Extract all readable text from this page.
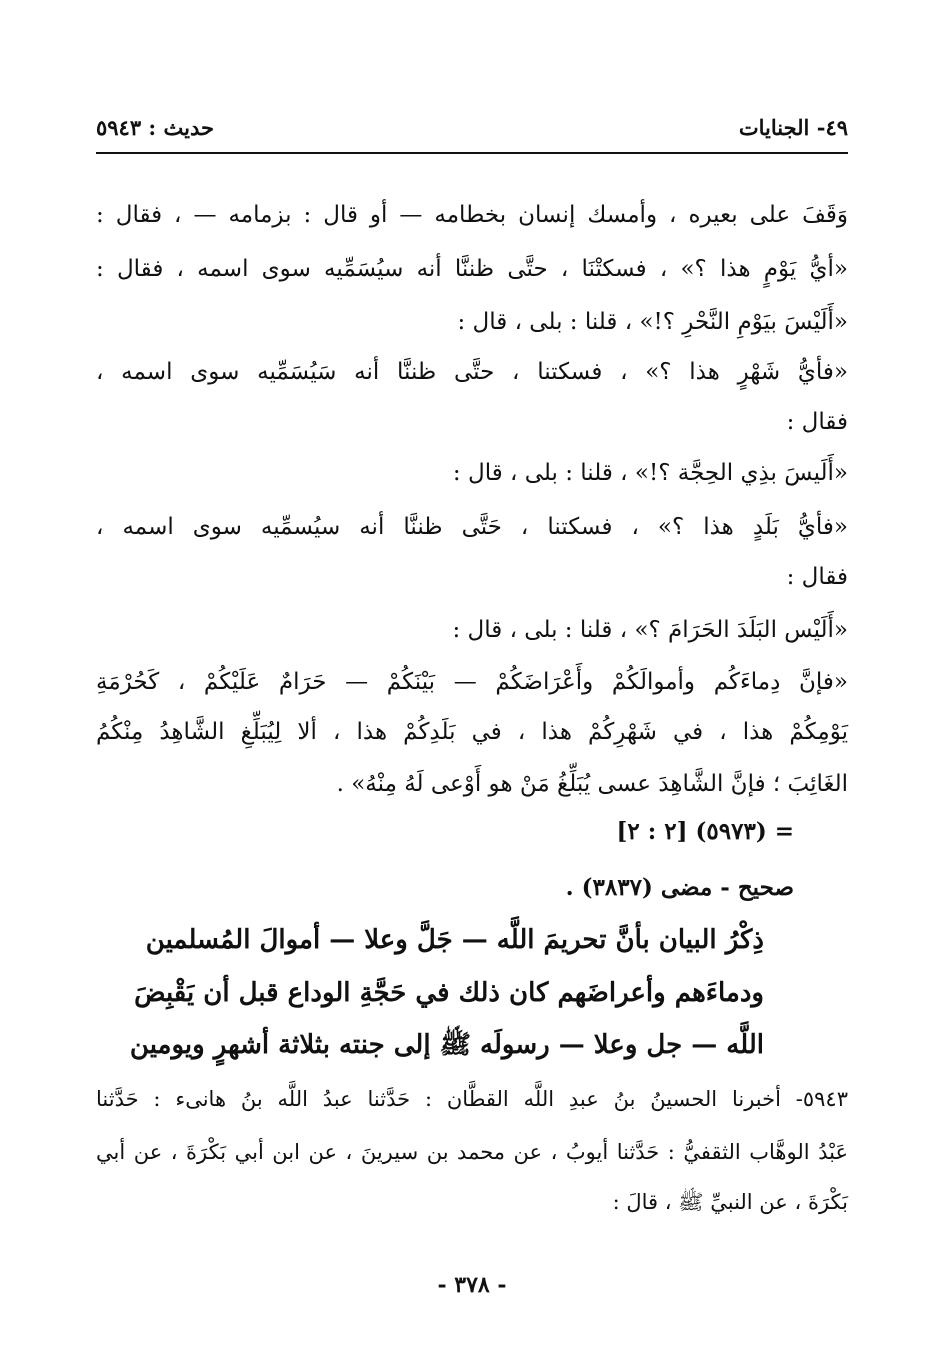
٤٩- الجنايات
حديث : ٥٩٤٣
وَقَفَ على بعيره ، وأمسك إنسان بخطامه — أو قال : بزمامه — ، فقال :
«أيُّ يَوْمٍ هذا ؟» ، فسكتْنَا ، حتَّى ظننَّا أنه سيُسَمِّيه سوى اسمه ، فقال :
«أَلَيْسَ بيَوْمِ النَّحْرِ ؟!» ، قلنا : بلى ، قال :
«فأيُّ شَهْرٍ هذا ؟» ، فسكتنا ، حتَّى ظننَّا أنه سَيُسَمِّيه سوى اسمه ،
فقال :
«أَلَيسَ بذِي الحِجَّة ؟!» ، قلنا : بلى ، قال :
«فأيُّ بَلَدٍ هذا ؟» ، فسكتنا ، حَتَّى ظننَّا أنه سيُسمِّيه سوى اسمه ،
فقال :
«أَلَيْس البَلَدَ الحَرَامَ ؟» ، قلنا : بلى ، قال :
«فإنَّ دِماءَكُم وأموالَكُمْ وأَعْرَاضَكُمْ — بَيْنَكُمْ — حَرَامٌ عَلَيْكُمْ ، كَحُرْمَةِ
يَوْمِكُمْ هذا ، في شَهْرِكُمْ هذا ، في بَلَدِكُمْ هذا ، ألا لِيُبَلِّغِ الشَّاهِدُ مِنْكُمُ
الغَائِبَ ؛ فإنَّ الشَّاهِدَ عسى يُبَلِّغُ مَنْ هو أَوْعى لَهُ مِنْهُ» .
= (٥٩٧٣) [٢ : ٢]
صحيح - مضى (٣٨٣٧) .
ذِكْرُ البيان بأنَّ تحريمَ اللَّه — جَلَّ وعلا — أموالَ المُسلمين
ودماءَهم وأعراضَهم كان ذلك في حَجَّةِ الوداع قبل أن يَقْبِضَ
اللَّه — جل وعلا — رسولَه ﷺ إلى جنته بثلاثة أشهرٍ ويومين
٥٩٤٣- أخبرنا الحسينُ بنُ عبدِ اللَّه القطَّان : حَدَّثنا عبدُ اللَّه بنُ هانىء : حَدَّثنا
عَبْدُ الوهَّاب الثقفيُّ : حَدَّثنا أيوبُ ، عن محمد بن سيرينَ ، عن ابن أبي بَكْرَةَ ، عن أبي
بَكْرَةَ ، عن النبيِّ ﷺ ، قالَ :
- ٣٧٨ -
